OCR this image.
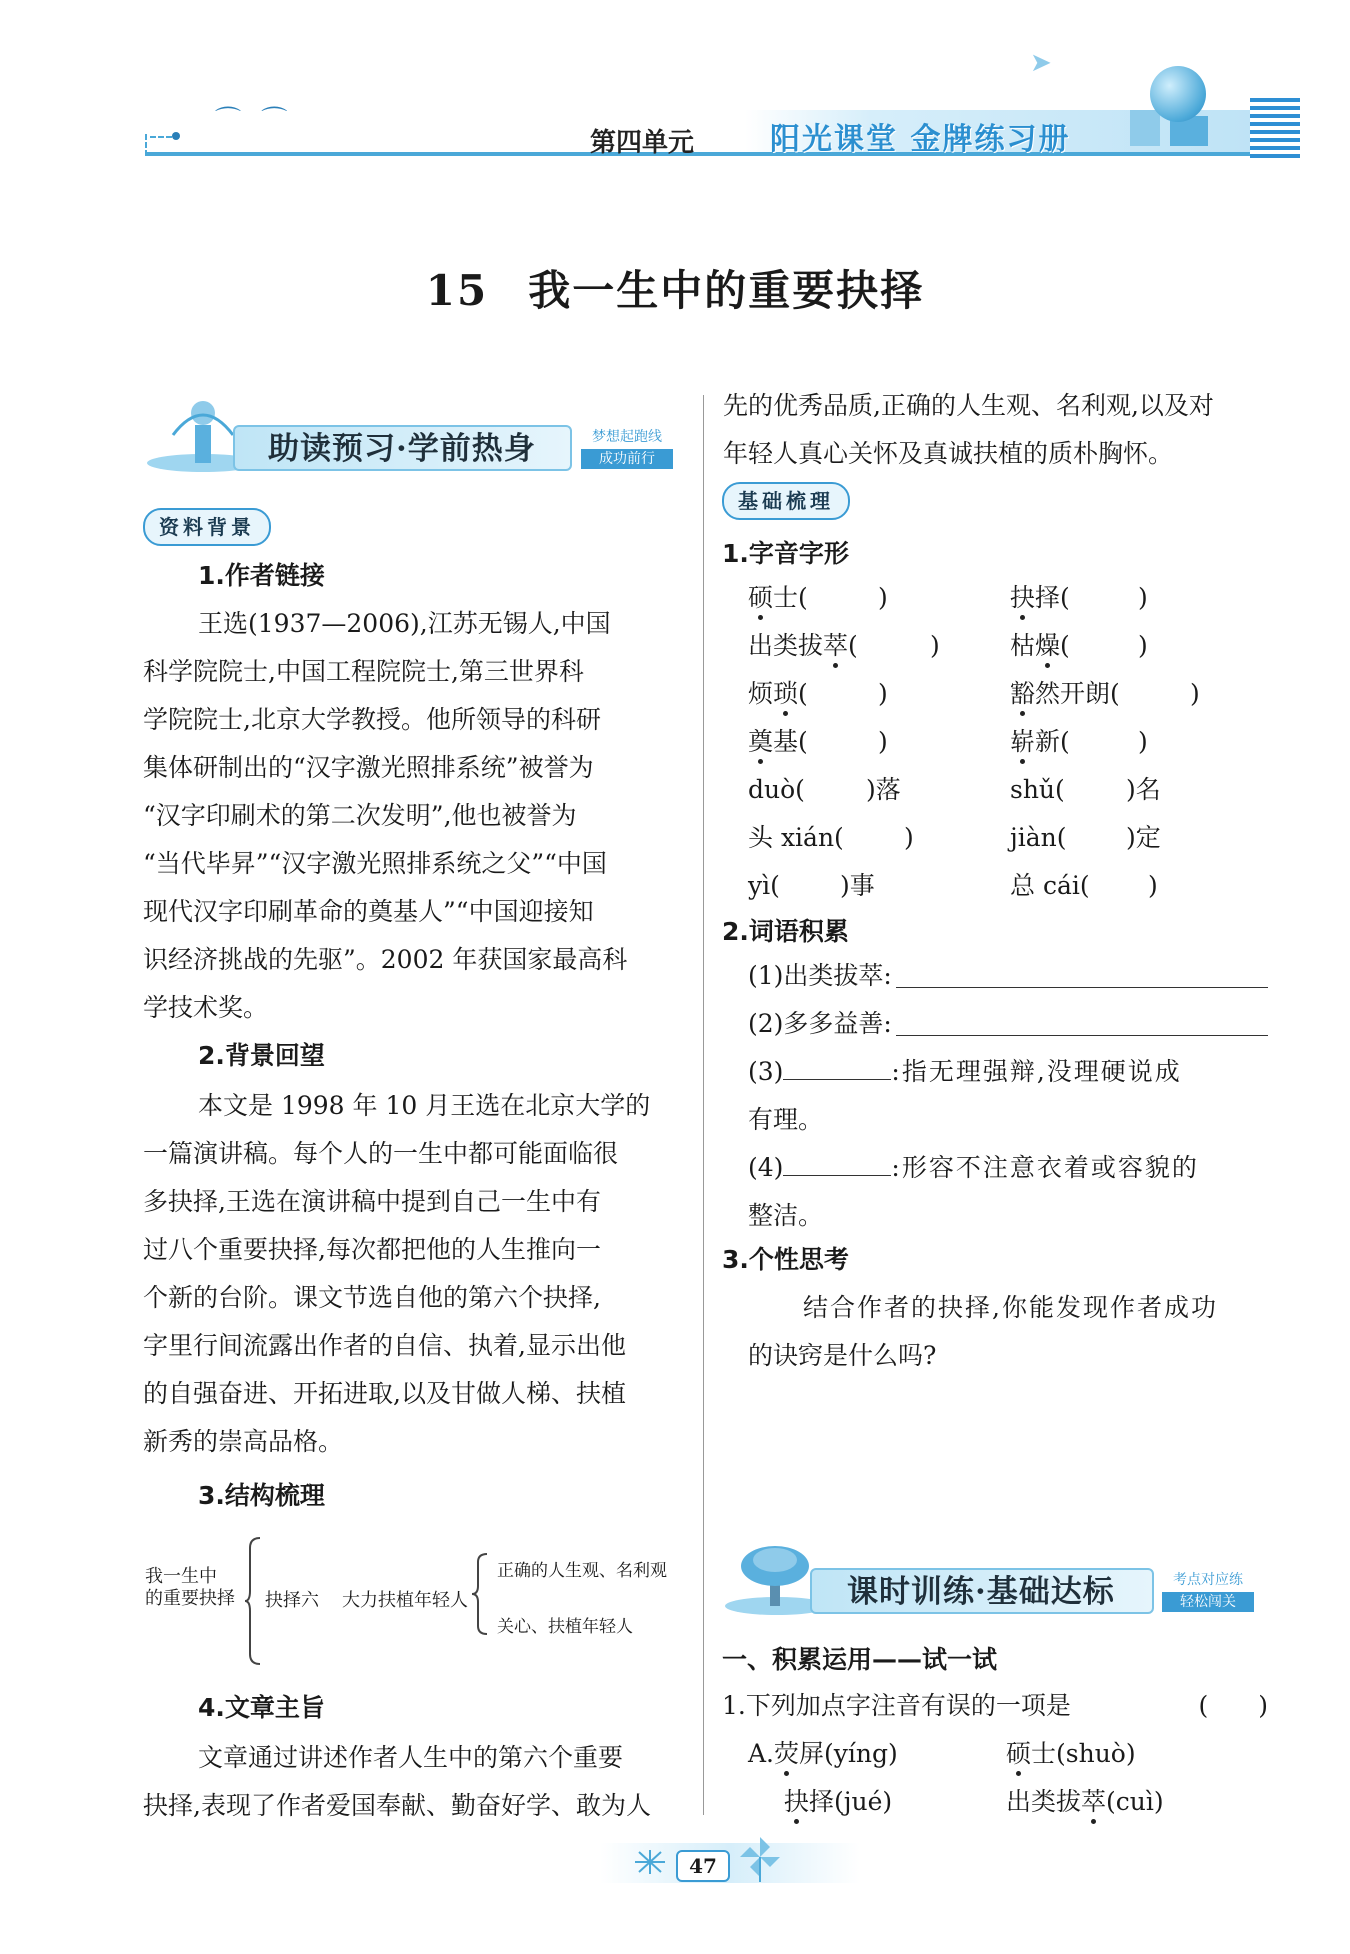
⌒ ⌒
➤
第四单元	阳光课堂 金牌练习册
15 我一生中的重要抉择
助读预习·学前热身	梦想起跑线
成功前行
资料背景
1.作者链接
王选(1937—2006),江苏无锡人,中国
科学院院士,中国工程院院士,第三世界科
学院院士,北京大学教授。他所领导的科研
集体研制出的“汉字激光照排系统”被誉为
“汉字印刷术的第二次发明”,他也被誉为
“当代毕昇”“汉字激光照排系统之父”“中国
现代汉字印刷革命的奠基人”“中国迎接知
识经济挑战的先驱”。2002 年获国家最高科
学技术奖。
2.背景回望
本文是 1998 年 10 月王选在北京大学的
一篇演讲稿。每个人的一生中都可能面临很
多抉择,王选在演讲稿中提到自己一生中有
过八个重要抉择,每次都把他的人生推向一
个新的台阶。课文节选自他的第六个抉择,
字里行间流露出作者的自信、执着,显示出他
的自强奋进、开拓进取,以及甘做人梯、扶植
新秀的崇高品格。
3.结构梳理
我一生中
的重要抉择 抉择六 大力扶植年轻人
正确的人生观、名利观
关心、扶植年轻人
4.文章主旨
文章通过讲述作者人生中的第六个重要
抉择,表现了作者爱国奉献、勤奋好学、敢为人
先的优秀品质,正确的人生观、名利观,以及对
年轻人真心关怀及真诚扶植的质朴胸怀。
基础梳理
1.字音字形
硕士(	)	抉择(	)
出类拔萃(	)	枯燥(	)
烦琐(	)	豁然开朗(	)
奠基(	)	崭新(	)
duò( )落	shǔ( )名
头 xián( )	jiàn( )定
yì( )事	总 cái( )
2.词语积累
(1)出类拔萃:
(2)多多益善:
(3)	:指无理强辩,没理硬说成
有理。
(4)	:形容不注意衣着或容貌的
整洁。
3.个性思考
结合作者的抉择,你能发现作者成功
的诀窍是什么吗?
课时训练·基础达标	考点对应练
轻松闯关
一、积累运用——试一试
1.下列加点字注音有误的一项是	(　　)
A.荧屏(yíng)	硕士(shuò)
抉择(jué)	出类拔萃(cuì)
47
